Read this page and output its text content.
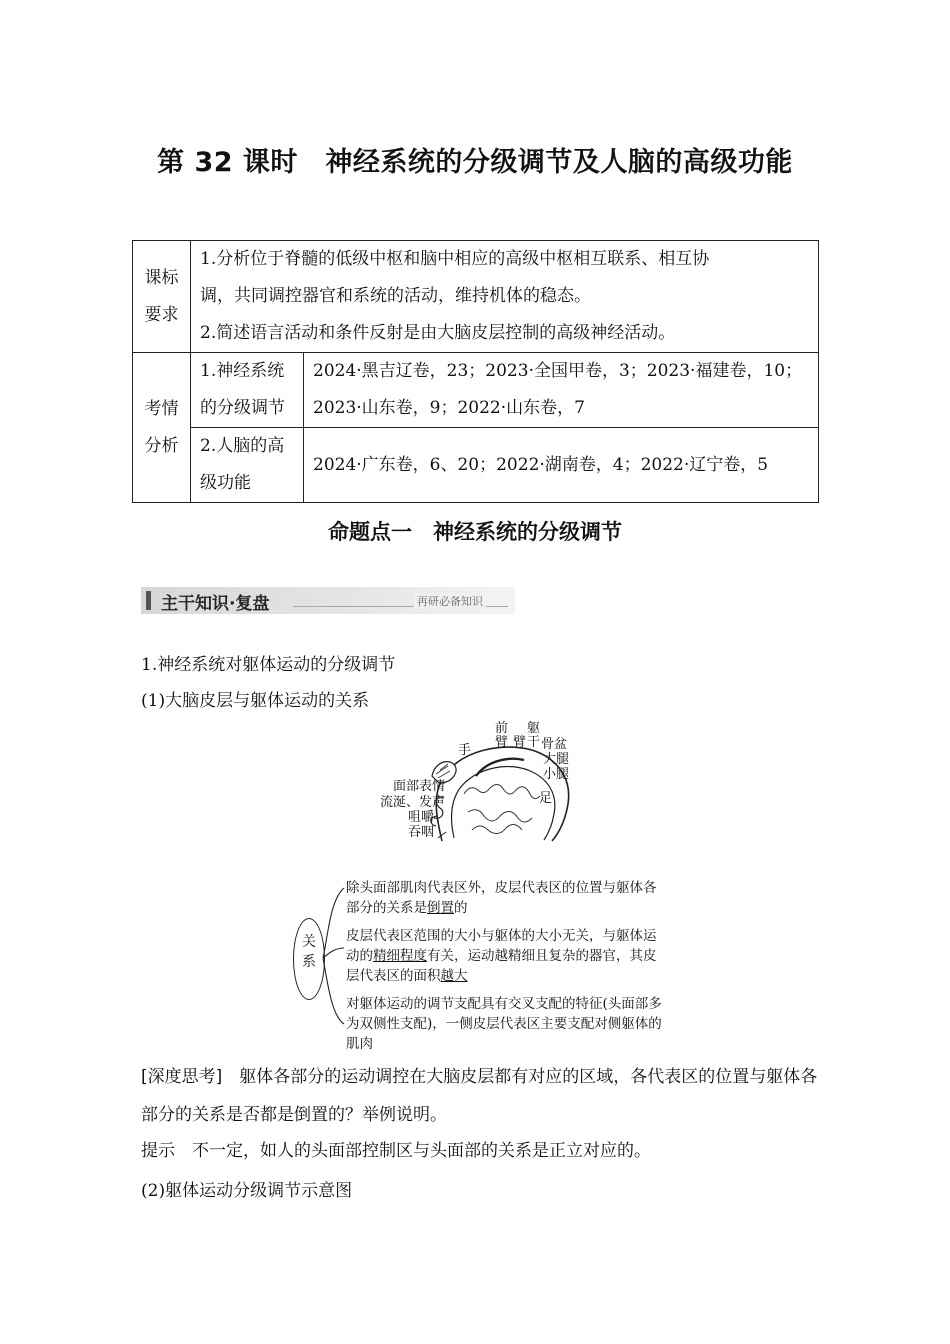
第 32 课时　神经系统的分级调节及人脑的高级功能
课标要求	1.分析位于脊髓的低级中枢和脑中相应的高级中枢相互联系、相互协
调，共同调控器官和系统的活动，维持机体的稳态。
2.简述语言活动和条件反射是由大脑皮层控制的高级神经活动。	

考情分析	1.神经系统的分级调节	2024·黑吉辽卷，23；2023·全国甲卷，3；2023·福建卷，10；2023·山东卷，9；2022·山东卷，7
	2.人脑的高级功能	2024·广东卷，6、20；2022·湖南卷，4；2022·辽宁卷，5
命题点一　神经系统的分级调节
主干知识·复盘	再研必备知识
1.神经系统对躯体运动的分级调节
(1)大脑皮层与躯体运动的关系
前
臂
躯
臂 干 骨盆
手
大腿
小腿
足
面部表情
流涎、发声
咀嚼
吞咽
关系
除头面部肌肉代表区外，皮层代表区的位置与躯体各部分的关系是倒置的
皮层代表区范围的大小与躯体的大小无关，与躯体运动的精细程度有关，运动越精细且复杂的器官，其皮层代表区的面积越大
对躯体运动的调节支配具有交叉支配的特征(头面部多为双侧性支配)，一侧皮层代表区主要支配对侧躯体的肌肉
[深度思考]　躯体各部分的运动调控在大脑皮层都有对应的区域，各代表区的位置与躯体各部分的关系是否都是倒置的？举例说明。
提示　不一定，如人的头面部控制区与头面部的关系是正立对应的。
(2)躯体运动分级调节示意图
